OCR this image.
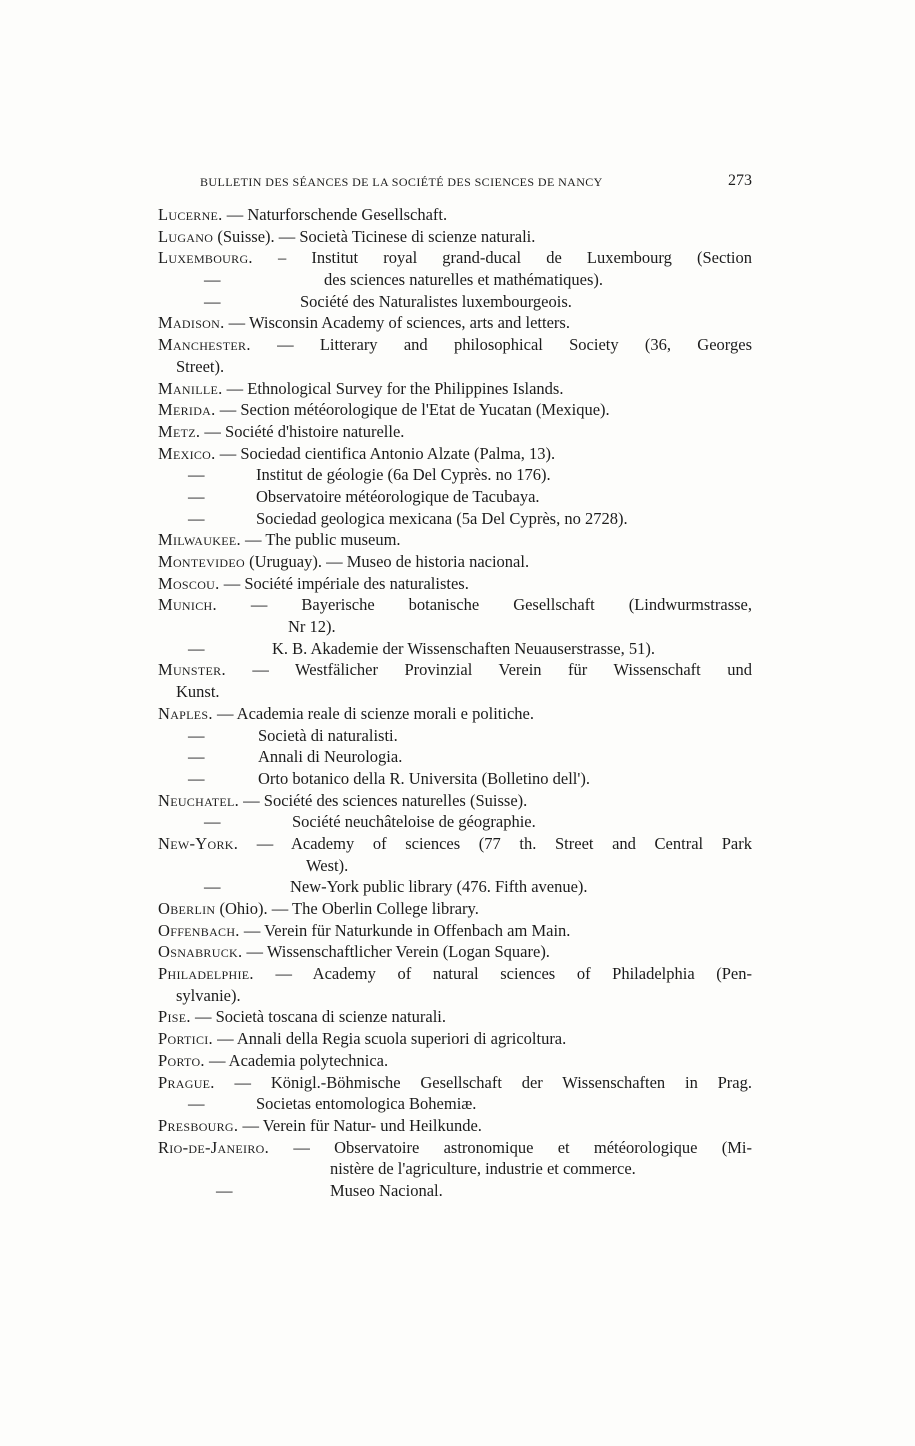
BULLETIN DES SÉANCES DE LA SOCIÉTÉ DES SCIENCES DE NANCY	273
Lucerne. — Naturforschende Gesellschaft.
Lugano (Suisse). — Società Ticinese di scienze naturali.
Luxembourg. – Institut royal grand-ducal de Luxembourg (Section
—	des sciences naturelles et mathématiques).
—	Société des Naturalistes luxembourgeois.
Madison. — Wisconsin Academy of sciences, arts and letters.
Manchester. — Litterary and philosophical Society (36, Georges
Street).
Manille. — Ethnological Survey for the Philippines Islands.
Merida. — Section météorologique de l'Etat de Yucatan (Mexique).
Metz. — Société d'histoire naturelle.
Mexico. — Sociedad cientifica Antonio Alzate (Palma, 13).
—	Institut de géologie (6a Del Cyprès. no 176).
—	Observatoire météorologique de Tacubaya.
—	Sociedad geologica mexicana (5a Del Cyprès, no 2728).
Milwaukee. — The public museum.
Montevideo (Uruguay). — Museo de historia nacional.
Moscou. — Société impériale des naturalistes.
Munich. — Bayerische botanische Gesellschaft (Lindwurmstrasse,
Nr 12).
—	K. B. Akademie der Wissenschaften Neuauserstrasse, 51).
Munster. — Westfälicher Provinzial Verein für Wissenschaft und
Kunst.
Naples. — Academia reale di scienze morali e politiche.
—	Società di naturalisti.
—	Annali di Neurologia.
—	Orto botanico della R. Universita (Bolletino dell').
Neuchatel. — Société des sciences naturelles (Suisse).
—	Société neuchâteloise de géographie.
New-York. — Academy of sciences (77 th. Street and Central Park
West).
—	New-York public library (476. Fifth avenue).
Oberlin (Ohio). — The Oberlin College library.
Offenbach. — Verein für Naturkunde in Offenbach am Main.
Osnabruck. — Wissenschaftlicher Verein (Logan Square).
Philadelphie. — Academy of natural sciences of Philadelphia (Pen-
sylvanie).
Pise. — Società toscana di scienze naturali.
Portici. — Annali della Regia scuola superiori di agricoltura.
Porto. — Academia polytechnica.
Prague. — Königl.-Böhmische Gesellschaft der Wissenschaften in Prag.
—	Societas entomologica Bohemiæ.
Presbourg. — Verein für Natur- und Heilkunde.
Rio-de-Janeiro. — Observatoire astronomique et météorologique (Mi-
nistère de l'agriculture, industrie et commerce.
—	Museo Nacional.
